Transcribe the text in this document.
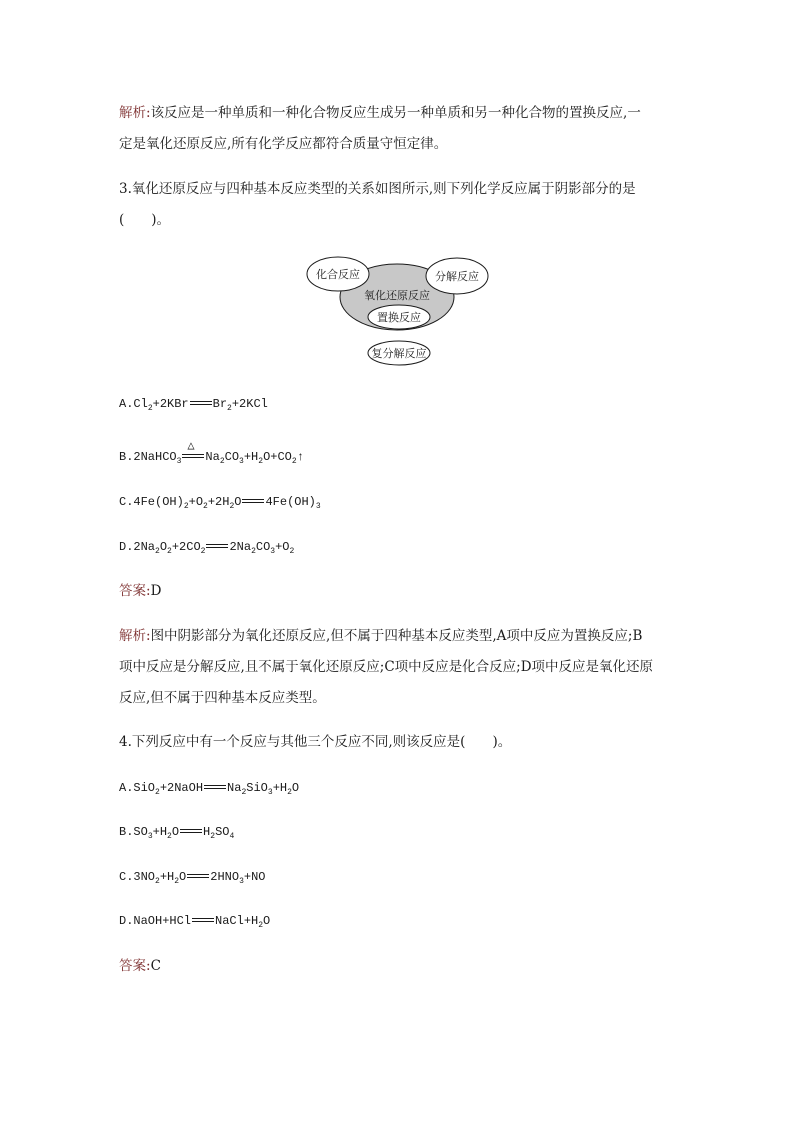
解析:该反应是一种单质和一种化合物反应生成另一种单质和另一种化合物的置换反应,一
定是氧化还原反应,所有化学反应都符合质量守恒定律。
3.氧化还原反应与四种基本反应类型的关系如图所示,则下列化学反应属于阴影部分的是
(　　)。
氧化还原反应
化合反应	分解反应
置换反应
复分解反应
$A.Cl_2+2KBr$ $Br_2+2KCl$
B.2NaHCO$_3$
△
$Na_2CO_3+H_2O+CO_2↑$
$C.4Fe(OH)_2+O_2+2H_2O$ $4Fe(OH)_3$
$D.2Na_2O_2+2CO_2$ $2Na_2CO_3+O_2$
答案:D
解析:图中阴影部分为氧化还原反应,但不属于四种基本反应类型,A项中反应为置换反应;B
项中反应是分解反应,且不属于氧化还原反应;C项中反应是化合反应;D项中反应是氧化还原
反应,但不属于四种基本反应类型。
4.下列反应中有一个反应与其他三个反应不同,则该反应是(　　)。
A.SiO$_2$+2NaOH $Na_2SiO_3+H_2O$
$B.SO_3+H_2O$ $H_2SO_4$
$C.3NO_2+H_2O$ $2HNO_3+NO$
D.NaOH+HCl $NaCl+H_2O$
答案:C
